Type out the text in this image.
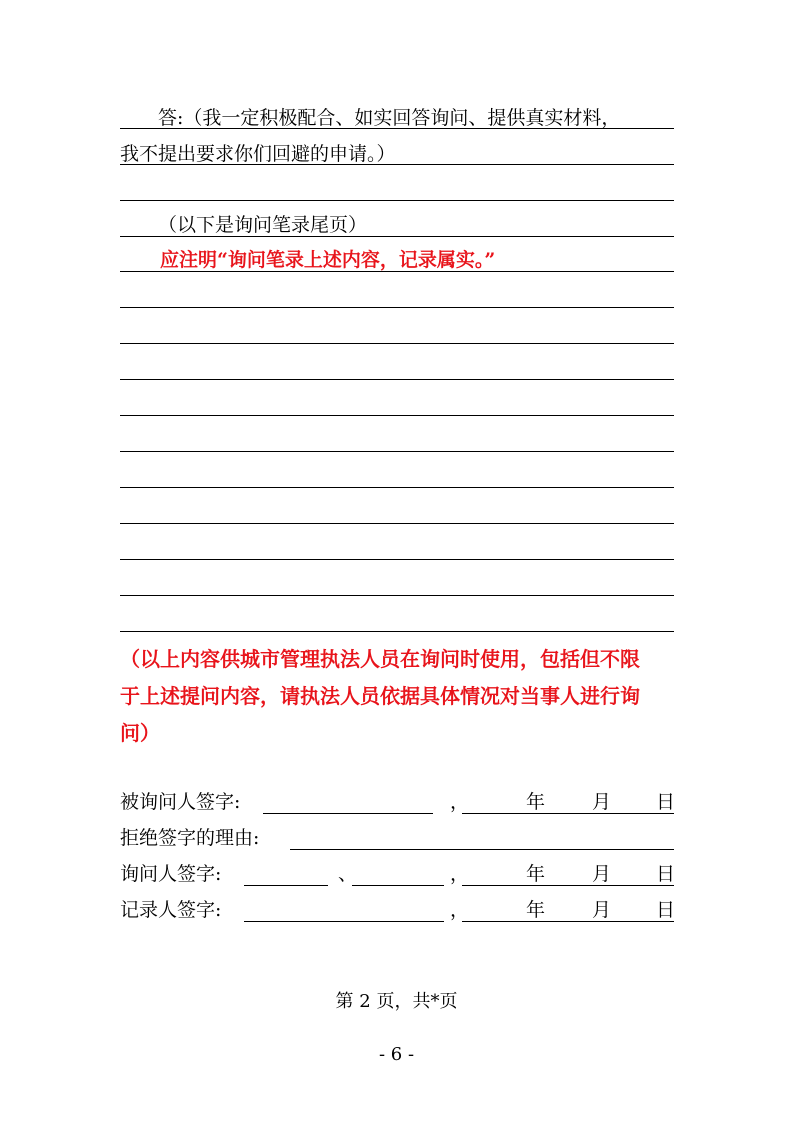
答:（我一定积极配合、如实回答询问、提供真实材料，
我不提出要求你们回避的申请。）
（以下是询问笔录尾页）
应注明“询问笔录上述内容，记录属实。”
（以上内容供城市管理执法人员在询问时使用，包括但不限
于上述提问内容，请执法人员依据具体情况对当事人进行询
问）
被询问人签字:	，	年 月 日
拒绝签字的理由:
询问人签字:	、	，	年 月 日
记录人签字:	，	年 月 日
第 2 页，共*页
- 6 -
